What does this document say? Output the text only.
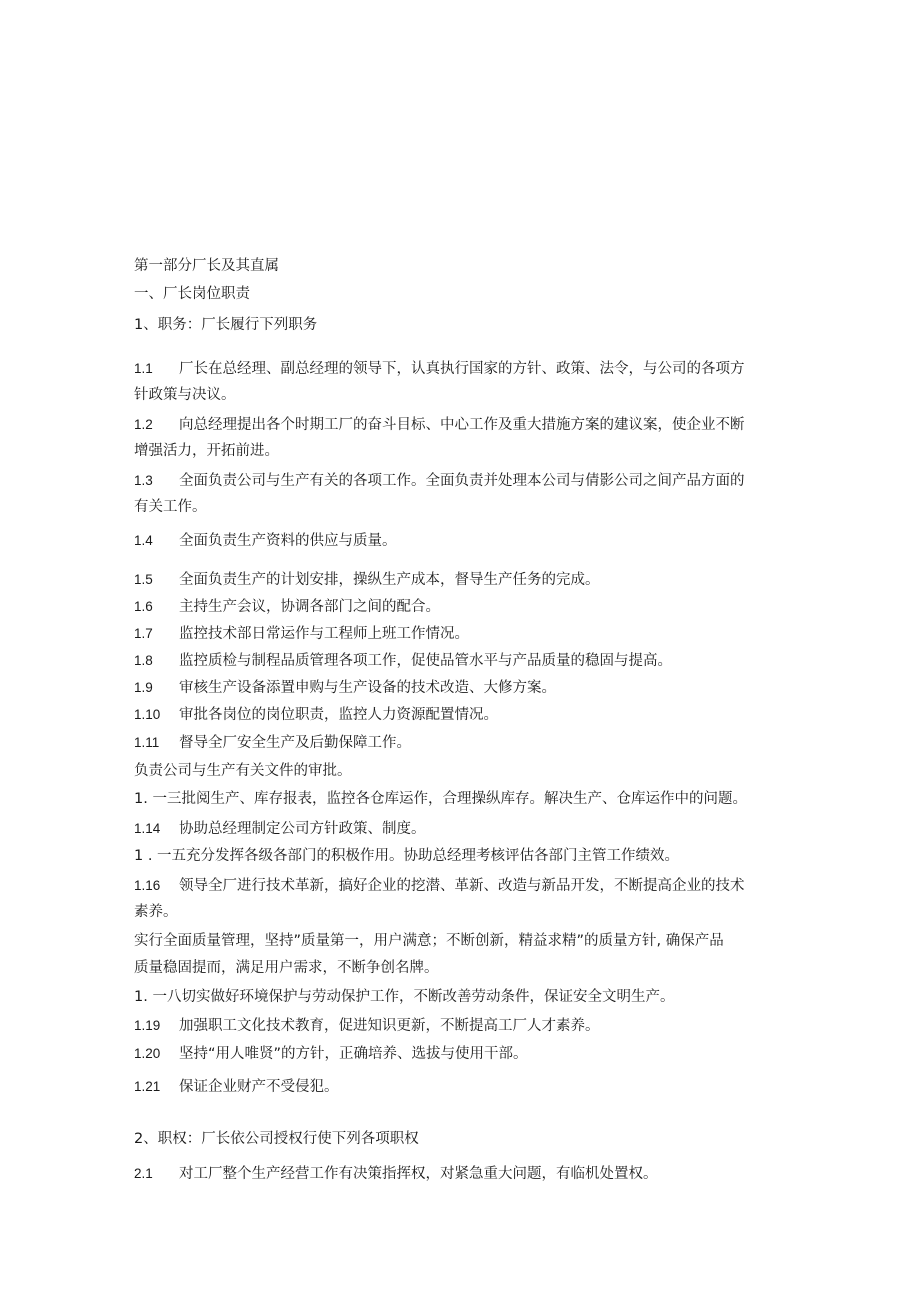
第一部分厂长及其直属
一、厂长岗位职责
1、职务：厂长履行下列职务
1.1 厂长在总经理、副总经理的领导下，认真执行国家的方针、政策、法令，与公司的各项方
针政策与决议。
1.2 向总经理提出各个时期工厂的奋斗目标、中心工作及重大措施方案的建议案，使企业不断
增强活力，开拓前进。
1.3 全面负责公司与生产有关的各项工作。全面负责并处理本公司与倩影公司之间产品方面的
有关工作。
1.4 全面负责生产资料的供应与质量。
1.5 全面负责生产的计划安排，操纵生产成本，督导生产任务的完成。
1.6 主持生产会议，协调各部门之间的配合。
1.7 监控技术部日常运作与工程师上班工作情况。
1.8 监控质检与制程品质管理各项工作，促使品管水平与产品质量的稳固与提高。
1.9 审核生产设备添置申购与生产设备的技术改造、大修方案。
1.10 审批各岗位的岗位职责，监控人力资源配置情况。
1.11 督导全厂安全生产及后勤保障工作。
负责公司与生产有关文件的审批。
1. 一三批阅生产、库存报表，监控各仓库运作，合理操纵库存。解决生产、仓库运作中的问题。
1.14 协助总经理制定公司方针政策、制度。
1 . 一五充分发挥各级各部门的积极作用。协助总经理考核评估各部门主管工作绩效。
1.16 领导全厂进行技术革新，搞好企业的挖潜、革新、改造与新品开发，不断提高企业的技术
素养。
实行全面质量管理，坚持”质量第一，用户满意；不断创新，精益求精”的质量方针, 确保产品
质量稳固提而，满足用户需求，不断争创名牌。
1. 一八切实做好环境保护与劳动保护工作，不断改善劳动条件，保证安全文明生产。
1.19 加强职工文化技术教育，促进知识更新，不断提高工厂人才素养。
1.20 坚持“用人唯贤”的方针，正确培养、选拔与使用干部。
1.21 保证企业财产不受侵犯。
2、职权：厂长依公司授权行使下列各项职权
2.1 对工厂整个生产经营工作有决策指挥权，对紧急重大问题，有临机处置权。
